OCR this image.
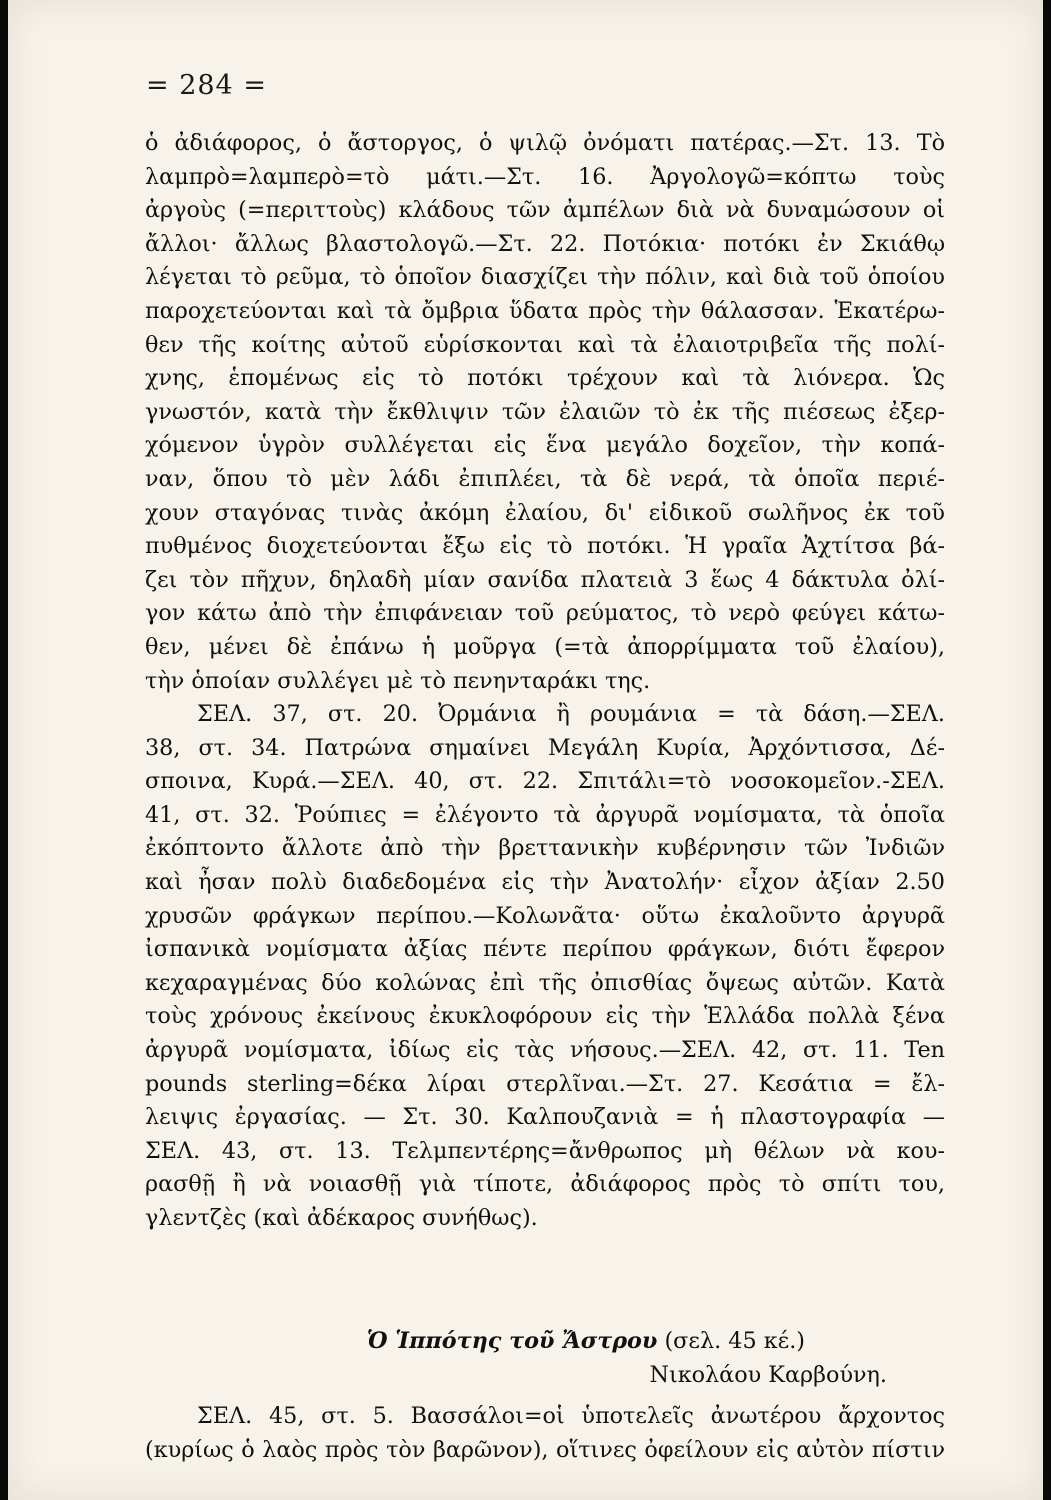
= 284 =
ὁ ἀδιάφορος, ὁ ἄστοργος, ὁ ψιλῷ ὀνόματι πατέρας.—Στ. 13. Τὸ
λαμπρὸ=λαμπερὸ=τὸ μάτι.—Στ. 16. Ἀργολογῶ=κόπτω τοὺς
ἀργοὺς (=περιττοὺς) κλάδους τῶν ἀμπέλων διὰ νὰ δυναμώσουν οἱ
ἄλλοι· ἄλλως βλαστολογῶ.—Στ. 22. Ποτόκια· ποτόκι ἐν Σκιάθῳ
λέγεται τὸ ρεῦμα, τὸ ὁποῖον διασχίζει τὴν πόλιν, καὶ διὰ τοῦ ὁποίου
παροχετεύονται καὶ τὰ ὄμβρια ὕδατα πρὸς τὴν θάλασσαν. Ἑκατέρω-
θεν τῆς κοίτης αὐτοῦ εὑρίσκονται καὶ τὰ ἐλαιοτριβεῖα τῆς πολί-
χνης, ἑπομένως εἰς τὸ ποτόκι τρέχουν καὶ τὰ λιόνερα. Ὡς
γνωστόν, κατὰ τὴν ἔκθλιψιν τῶν ἐλαιῶν τὸ ἐκ τῆς πιέσεως ἐξερ-
χόμενον ὑγρὸν συλλέγεται εἰς ἕνα μεγάλο δοχεῖον, τὴν κοπά-
ναν, ὅπου τὸ μὲν λάδι ἐπιπλέει, τὰ δὲ νερά, τὰ ὁποῖα περιέ-
χουν σταγόνας τινὰς ἀκόμη ἐλαίου, δι' εἰδικοῦ σωλῆνος ἐκ τοῦ
πυθμένος διοχετεύονται ἔξω εἰς τὸ ποτόκι. Ἡ γραῖα Ἀχτίτσα βά-
ζει τὸν πῆχυν, δηλαδὴ μίαν σανίδα πλατειὰ 3 ἕως 4 δάκτυλα ὀλί-
γον κάτω ἀπὸ τὴν ἐπιφάνειαν τοῦ ρεύματος, τὸ νερὸ φεύγει κάτω-
θεν, μένει δὲ ἐπάνω ἡ μοῦργα (=τὰ ἀπορρίμματα τοῦ ἐλαίου),
τὴν ὁποίαν συλλέγει μὲ τὸ πενηνταράκι της.
ΣΕΛ. 37, στ. 20. Ὀρμάνια ἢ ρουμάνια = τὰ δάση.—ΣΕΛ.
38, στ. 34. Πατρώνα σημαίνει Μεγάλη Κυρία, Ἀρχόντισσα, Δέ-
σποινα, Κυρά.—ΣΕΛ. 40, στ. 22. Σπιτάλι=τὸ νοσοκομεῖον.-ΣΕΛ.
41, στ. 32. Ῥούπιες = ἐλέγοντο τὰ ἀργυρᾶ νομίσματα, τὰ ὁποῖα
ἐκόπτοντο ἄλλοτε ἀπὸ τὴν βρεττανικὴν κυβέρνησιν τῶν Ἰνδιῶν
καὶ ἦσαν πολὺ διαδεδομένα εἰς τὴν Ἀνατολήν· εἶχον ἀξίαν 2.50
χρυσῶν φράγκων περίπου.—Κολωνᾶτα· οὕτω ἐκαλοῦντο ἀργυρᾶ
ἰσπανικὰ νομίσματα ἀξίας πέντε περίπου φράγκων, διότι ἔφερον
κεχαραγμένας δύο κολώνας ἐπὶ τῆς ὀπισθίας ὄψεως αὐτῶν. Κατὰ
τοὺς χρόνους ἐκείνους ἐκυκλοφόρουν εἰς τὴν Ἑλλάδα πολλὰ ξένα
ἀργυρᾶ νομίσματα, ἰδίως εἰς τὰς νήσους.—ΣΕΛ. 42, στ. 11. Ten
pounds sterling=δέκα λίραι στερλῖναι.—Στ. 27. Κεσάτια = ἔλ-
λειψις ἐργασίας. — Στ. 30. Καλπουζανιὰ = ἡ πλαστογραφία —
ΣΕΛ. 43, στ. 13. Τελμπεντέρης=ἄνθρωπος μὴ θέλων νὰ κου-
ρασθῇ ἢ νὰ νοιασθῇ γιὰ τίποτε, ἀδιάφορος πρὸς τὸ σπίτι του,
γλεντζὲς (καὶ ἀδέκαρος συνήθως).
Ὁ Ἱππότης τοῦ Ἄστρου (σελ. 45 κέ.)
Νικολάου Καρβούνη.
ΣΕΛ. 45, στ. 5. Βασσάλοι=οἱ ὑποτελεῖς ἀνωτέρου ἄρχοντος
(κυρίως ὁ λαὸς πρὸς τὸν βαρῶνον), οἵτινες ὀφείλουν εἰς αὐτὸν πίστιν
